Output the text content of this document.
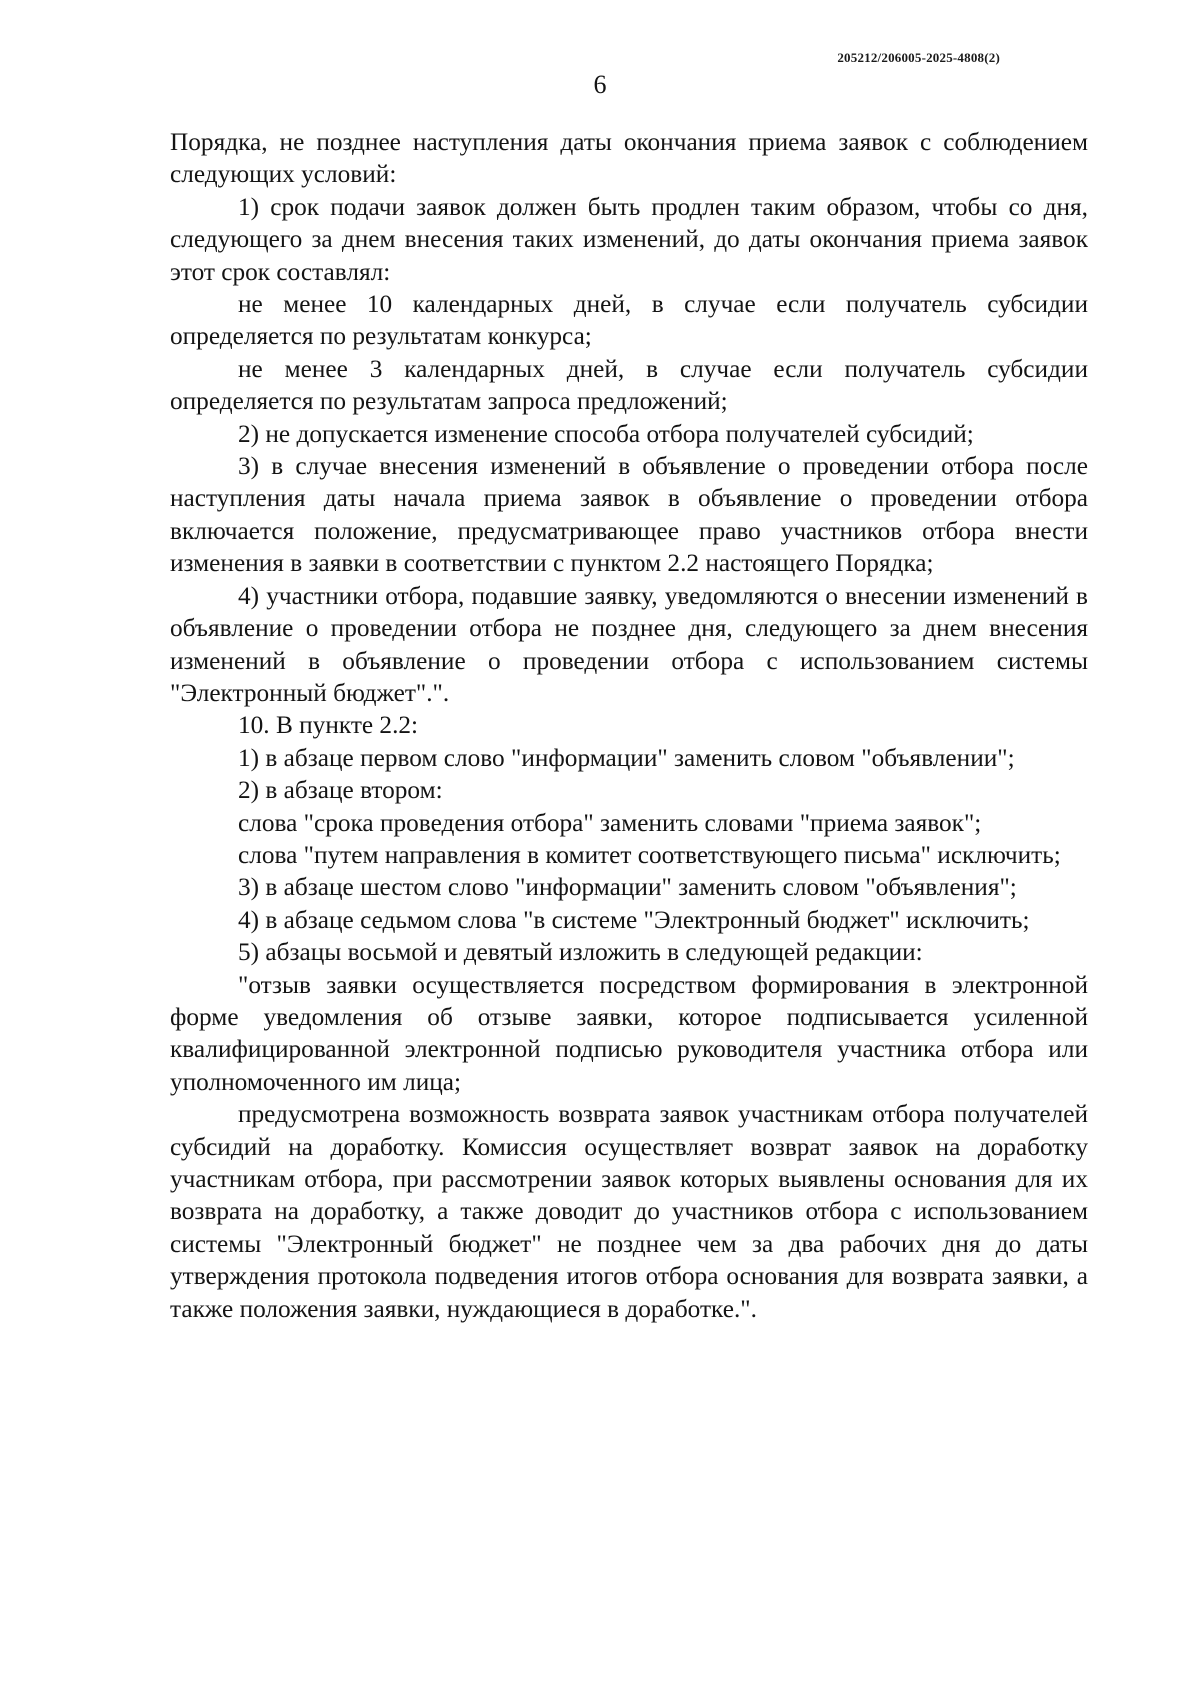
205212/206005-2025-4808(2)
6

Порядка, не позднее наступления даты окончания приема заявок с соблюдением следующих условий:

1) срок подачи заявок должен быть продлен таким образом, чтобы со дня, следующего за днем внесения таких изменений, до даты окончания приема заявок этот срок составлял:

не менее 10 календарных дней, в случае если получатель субсидии определяется по результатам конкурса;

не менее 3 календарных дней, в случае если получатель субсидии определяется по результатам запроса предложений;

2) не допускается изменение способа отбора получателей субсидий;

3) в случае внесения изменений в объявление о проведении отбора после наступления даты начала приема заявок в объявление о проведении отбора включается положение, предусматривающее право участников отбора внести изменения в заявки в соответствии с пунктом 2.2 настоящего Порядка;

4) участники отбора, подавшие заявку, уведомляются о внесении изменений в объявление о проведении отбора не позднее дня, следующего за днем внесения изменений в объявление о проведении отбора с использованием системы "Электронный бюджет".".

10. В пункте 2.2:

1) в абзаце первом слово "информации" заменить словом "объявлении";

2) в абзаце втором:

слова "срока проведения отбора" заменить словами "приема заявок";

слова "путем направления в комитет соответствующего письма" исключить;

3) в абзаце шестом слово "информации" заменить словом "объявления";

4) в абзаце седьмом слова "в системе "Электронный бюджет" исключить;

5) абзацы восьмой и девятый изложить в следующей редакции:

"отзыв заявки осуществляется посредством формирования в электронной форме уведомления об отзыве заявки, которое подписывается усиленной квалифицированной электронной подписью руководителя участника отбора или уполномоченного им лица;

предусмотрена возможность возврата заявок участникам отбора получателей субсидий на доработку. Комиссия осуществляет возврат заявок на доработку участникам отбора, при рассмотрении заявок которых выявлены основания для их возврата на доработку, а также доводит до участников отбора с использованием системы "Электронный бюджет" не позднее чем за два рабочих дня до даты утверждения протокола подведения итогов отбора основания для возврата заявки, а также положения заявки, нуждающиеся в доработке.".
